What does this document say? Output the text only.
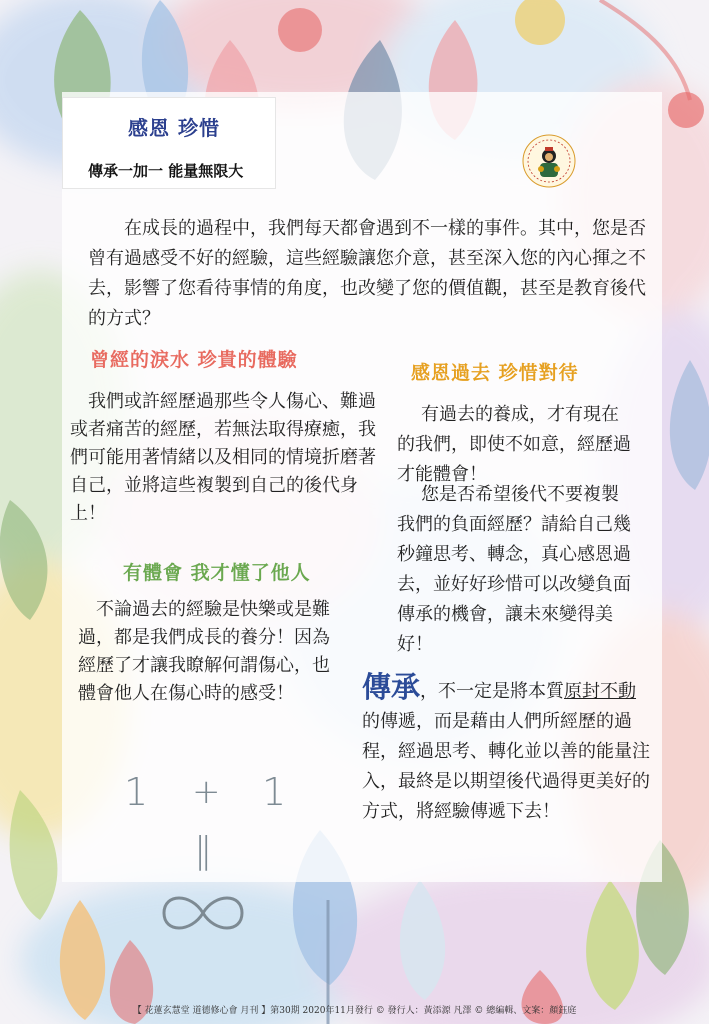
感恩 珍惜
傳承一加一 能量無限大

在成長的過程中，我們每天都會遇到不一樣的事件。其中，您是否曾有過感受不好的經驗，這些經驗讓您介意，甚至深入您的內心揮之不去，影響了您看待事情的角度，也改變了您的價值觀，甚至是教育後代的方式？

曾經的淚水 珍貴的體驗

我們或許經歷過那些令人傷心、難過或者痛苦的經歷，若無法取得療癒，我們可能用著情緒以及相同的情境折磨著自己，並將這些複製到自己的後代身上！

有體會 我才懂了他人

不論過去的經驗是快樂或是難過，都是我們成長的養分！因為經歷了才讓我瞭解何謂傷心，也體會他人在傷心時的感受！

感恩過去 珍惜對待

有過去的養成，才有現在的我們，即使不如意，經歷過才能體會！

您是否希望後代不要複製我們的負面經歷？請給自己幾秒鐘思考、轉念，真心感恩過去，並好好珍惜可以改變負面傳承的機會，讓未來變得美好！

傳承，不一定是將本質原封不動的傳遞，而是藉由人們所經歷的過程，經過思考、轉化並以善的能量注入，最終是以期望後代過得更美好的方式，將經驗傳遞下去！

1 + 1
||
【 花蓮玄慧堂 道德修心會 月刊 】第30期 2020年11月發行 © 發行人：黃添源 凡澤 © 總編輯、文案：顏鈺庭
